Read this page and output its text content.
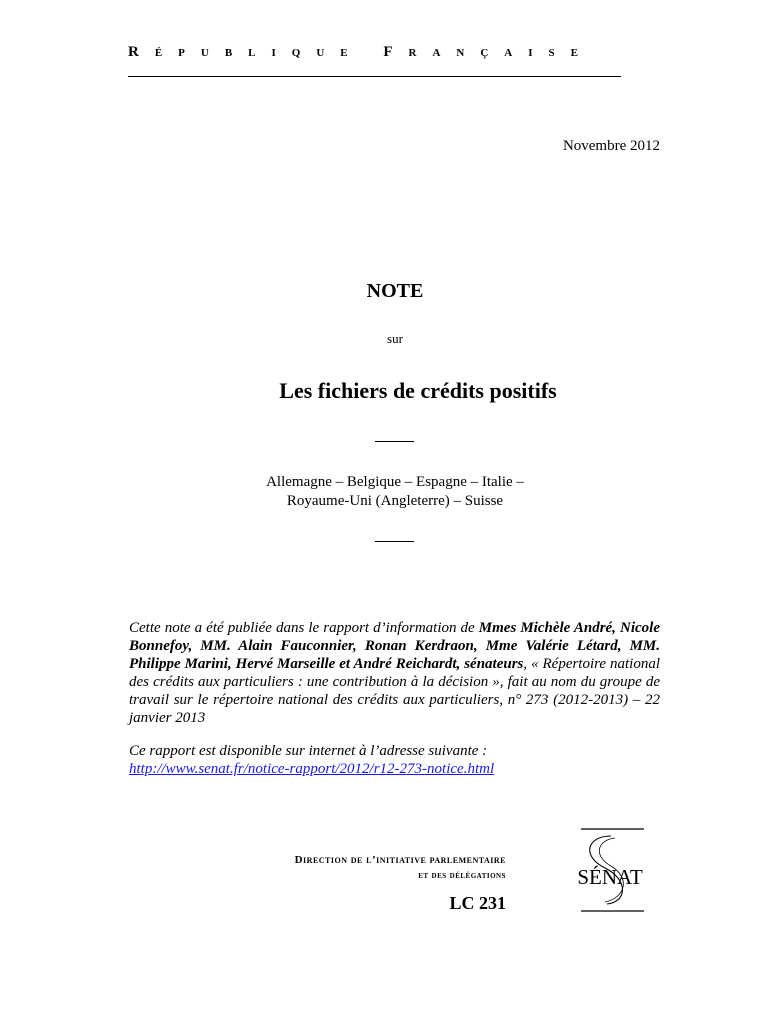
République Française
Novembre 2012
NOTE
sur
Les fichiers de crédits positifs
Allemagne – Belgique – Espagne – Italie –
Royaume-Uni (Angleterre) – Suisse
Cette note a été publiée dans le rapport d’information de Mmes Michèle André, Nicole Bonnefoy, MM. Alain Fauconnier, Ronan Kerdraon, Mme Valérie Létard, MM. Philippe Marini, Hervé Marseille et André Reichardt, sénateurs, « Répertoire national des crédits aux particuliers : une contribution à la décision », fait au nom du groupe de travail sur le répertoire national des crédits aux particuliers, n° 273 (2012-2013) – 22 janvier 2013
Ce rapport est disponible sur internet à l’adresse suivante :
http://www.senat.fr/notice-rapport/2012/r12-273-notice.html
Direction de l’initiative parlementaire
et des délégations
LC 231
SÉNAT
